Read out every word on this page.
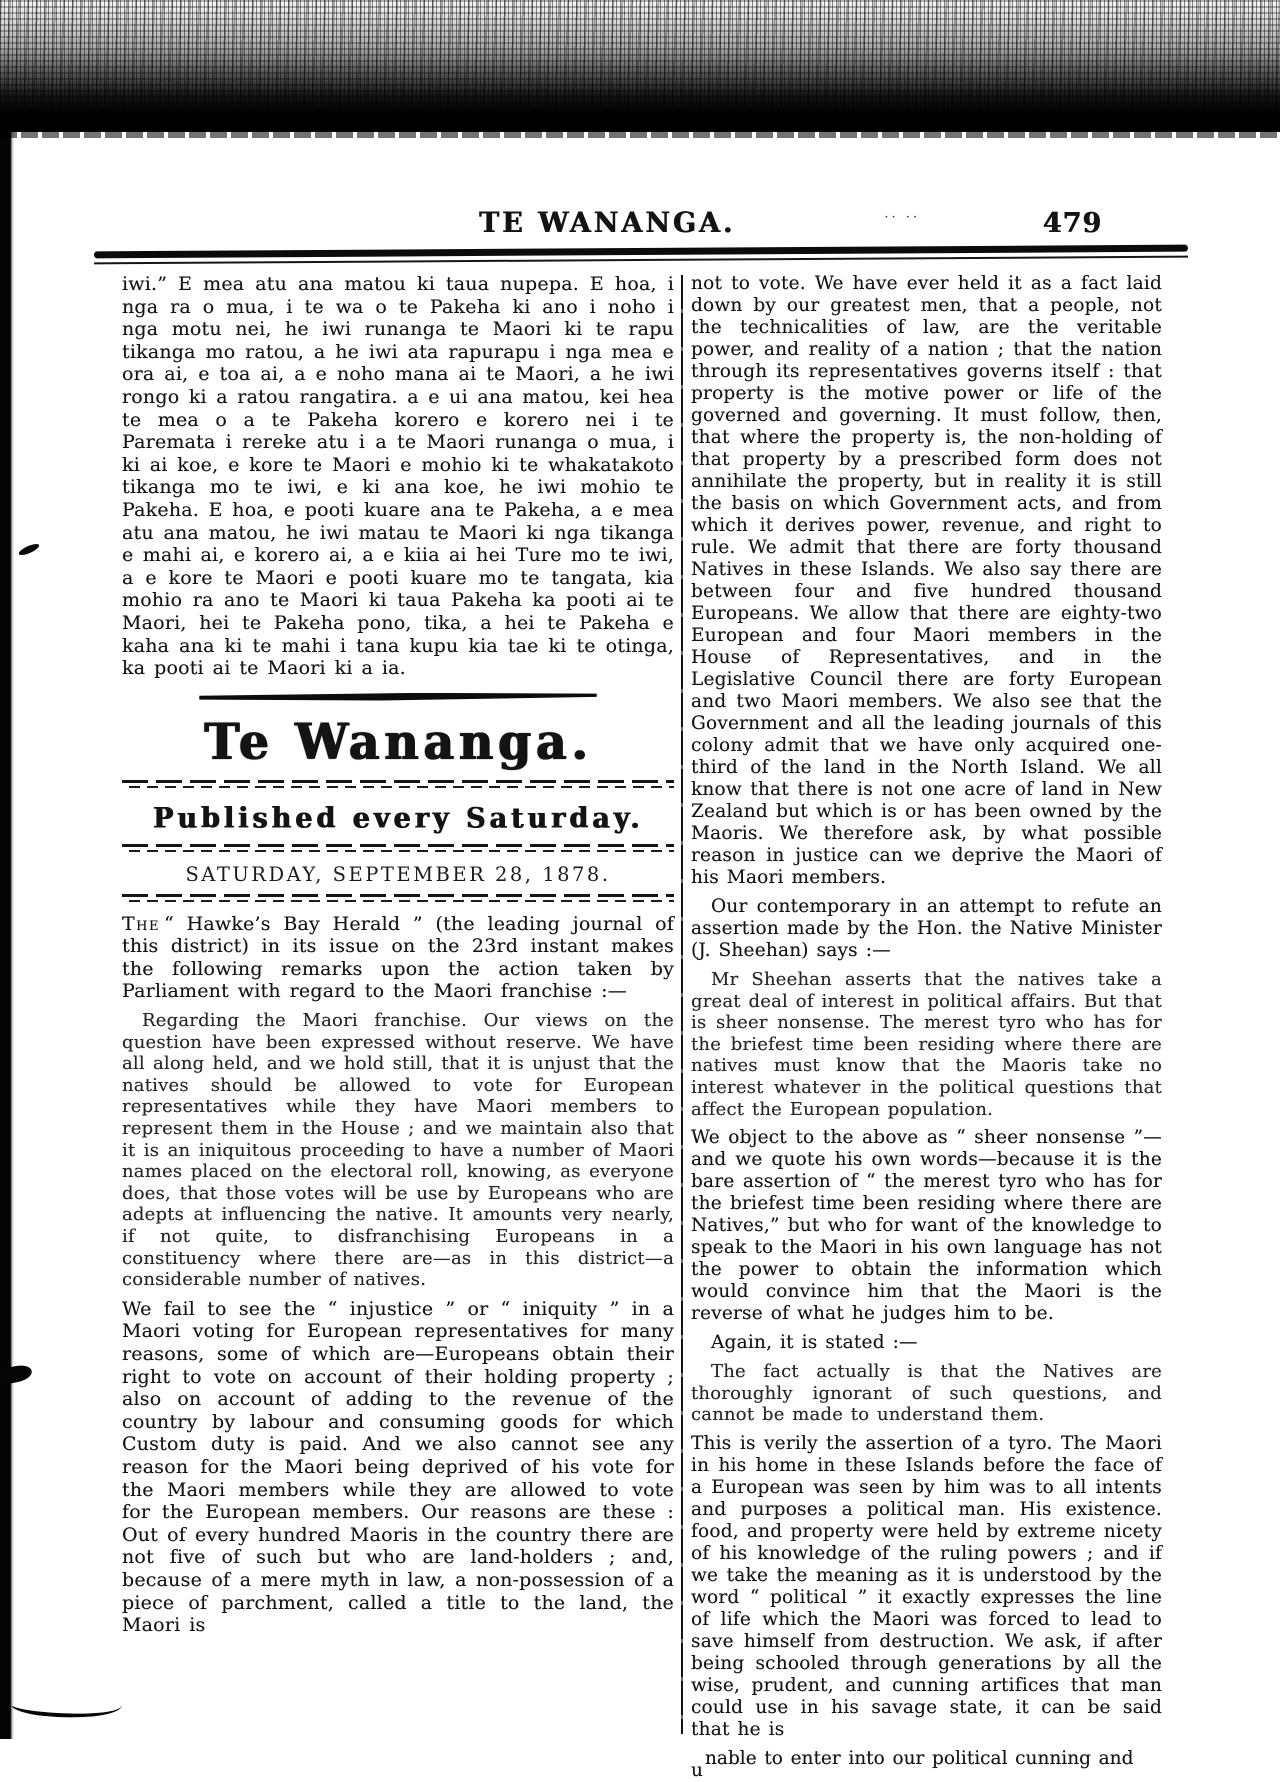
TE WANANGA.	·· ··	479

iwi.” E mea atu ana matou ki taua nupepa. E hoa, i nga ra o mua, i te wa o te Pakeha ki ano i noho i nga motu nei, he iwi runanga te Maori ki te rapu tikanga mo ratou, a he iwi ata rapurapu i nga mea e ora ai, e toa ai, a e noho mana ai te Maori, a he iwi rongo ki a ratou rangatira. a e ui ana matou, kei hea te mea o a te Pakeha korero e korero nei i te Paremata i rereke atu i a te Maori runanga o mua, i ki ai koe, e kore te Maori e mohio ki te whakatakoto tikanga mo te iwi, e ki ana koe, he iwi mohio te Pakeha. E hoa, e pooti kuare ana te Pakeha, a e mea atu ana matou, he iwi matau te Maori ki nga tikanga e mahi ai, e korero ai, a e kiia ai hei Ture mo te iwi, a e kore te Maori e pooti kuare mo te tangata, kia mohio ra ano te Maori ki taua Pakeha ka pooti ai te Maori, hei te Pakeha pono, tika, a hei te Pakeha e kaha ana ki te mahi i tana kupu kia tae ki te otinga, ka pooti ai te Maori ki a ia.

Te Wananga.
Published every Saturday.
SATURDAY, SEPTEMBER 28, 1878.

The “ Hawke’s Bay Herald ” (the leading journal of this district) in its issue on the 23rd instant makes the following remarks upon the action taken by Parliament with regard to the Maori franchise :—

Regarding the Maori franchise. Our views on the question have been expressed without reserve. We have all along held, and we hold still, that it is unjust that the natives should be allowed to vote for European representatives while they have Maori members to represent them in the House ; and we maintain also that it is an iniquitous proceeding to have a number of Maori names placed on the electoral roll, knowing, as everyone does, that those votes will be use by Europeans who are adepts at influencing the native. It amounts very nearly, if not quite, to disfranchising Europeans in a constituency where there are—as in this district—a considerable number of natives.

We fail to see the “ injustice ” or “ iniquity ” in a Maori voting for European representatives for many reasons, some of which are—Europeans obtain their right to vote on account of their holding property ; also on account of adding to the revenue of the country by labour and consuming goods for which Custom duty is paid. And we also cannot see any reason for the Maori being deprived of his vote for the Maori members while they are allowed to vote for the European members. Our reasons are these : Out of every hundred Maoris in the country there are not five of such but who are land-holders ; and, because of a mere myth in law, a non-possession of a piece of parchment, called a title to the land, the Maori is

not to vote. We have ever held it as a fact laid down by our greatest men, that a people, not the technicalities of law, are the veritable power, and reality of a nation ; that the nation through its representatives governs itself : that property is the motive power or life of the governed and governing. It must follow, then, that where the property is, the non-holding of that property by a prescribed form does not annihilate the property, but in reality it is still the basis on which Government acts, and from which it derives power, revenue, and right to rule. We admit that there are forty thousand Natives in these Islands. We also say there are between four and five hundred thousand Europeans. We allow that there are eighty-two European and four Maori members in the House of Representatives, and in the Legislative Council there are forty European and two Maori members. We also see that the Government and all the leading journals of this colony admit that we have only acquired one-third of the land in the North Island. We all know that there is not one acre of land in New Zealand but which is or has been owned by the Maoris. We therefore ask, by what possible reason in justice can we deprive the Maori of his Maori members.

Our contemporary in an attempt to refute an assertion made by the Hon. the Native Minister (J. Sheehan) says :—

Mr Sheehan asserts that the natives take a great deal of interest in political affairs. But that is sheer nonsense. The merest tyro who has for the briefest time been residing where there are natives must know that the Maoris take no interest whatever in the political questions that affect the European population.

We object to the above as “ sheer nonsense ”—and we quote his own words—because it is the bare assertion of “ the merest tyro who has for the briefest time been residing where there are Natives,” but who for want of the knowledge to speak to the Maori in his own language has not the power to obtain the information which would convince him that the Maori is the reverse of what he judges him to be.

Again, it is stated :—

The fact actually is that the Natives are thoroughly ignorant of such questions, and cannot be made to understand them.

This is verily the assertion of a tyro. The Maori in his home in these Islands before the face of a European was seen by him was to all intents and purposes a political man. His existence. food, and property were held by extreme nicety of his knowledge of the ruling powers ; and if we take the meaning as it is understood by the word “ political ” it exactly expresses the line of life which the Maori was forced to lead to save himself from destruction. We ask, if after being schooled through generations by all the wise, prudent, and cunning artifices that man could use in his savage state, it can be said that he is

u
nable to enter into our political cunning and
